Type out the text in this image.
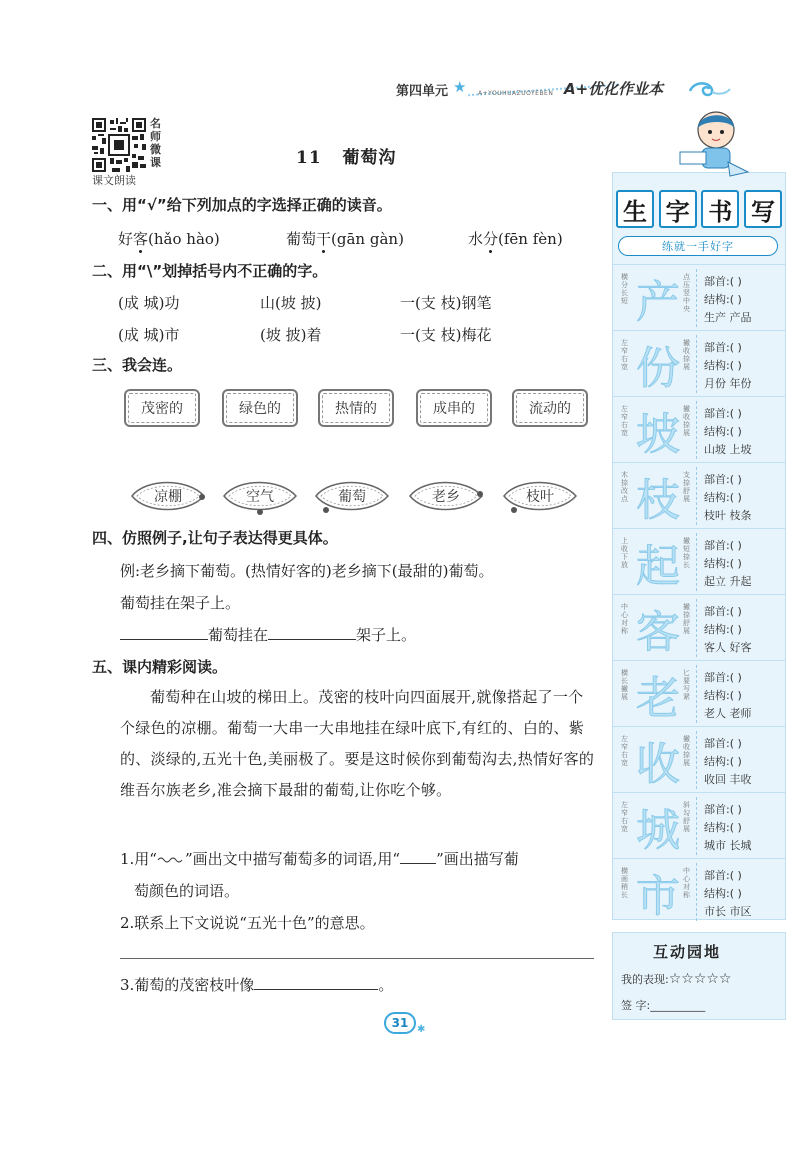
第四单元 ★ A+YOUHUAZUOYEBEN A+优化作业本
名
师
微
课
课文朗读
11 葡萄沟
一、用“√”给下列加点的字选择正确的读音。
好客(hǎo hào)	葡萄干(gān gàn)	水分(fēn fèn)
二、用“\”划掉括号内不正确的字。
(成 城)功	山(坡 披)	一(支 枝)钢笔
(成 城)市	(坡 披)着	一(支 枝)梅花
三、我会连。
茂密的	绿色的	热情的	成串的	流动的
凉棚	空气	葡萄	老乡	枝叶
四、仿照例子,让句子表达得更具体。
例:老乡摘下葡萄。(热情好客的)老乡摘下(最甜的)葡萄。
葡萄挂在架子上。
葡萄挂在	架子上。
五、课内精彩阅读。
葡萄种在山坡的梯田上。茂密的枝叶向四面展开,就像搭起了一个个绿色的凉棚。葡萄一大串一大串地挂在绿叶底下,有红的、白的、紫的、淡绿的,五光十色,美丽极了。要是这时候你到葡萄沟去,热情好客的维吾尔族老乡,准会摘下最甜的葡萄,让你吃个够。
1.用“ ”画出文中描写葡萄多的词语,用“ ”画出描写葡
萄颜色的词语。
2.联系上下文说说“五光十色”的意思。
3.葡萄的茂密枝叶像	。
31 ✱
生 字 书 写
练就一手好字
横 分 长 短 产 点 压 竖 中 央
部首:( )
结构:( )
生产 产品
左 窄 右 宽 份 撇 收 捺 展
部首:( )
结构:( )
月份 年份
左 窄 右 宽 坡 撇 收 捺 展
部首:( )
结构:( )
山坡 上坡
木 捺 改 点 枝 支 捺 舒 展
部首:( )
结构:( )
枝叶 枝条
上 收 下 放 起 撇 短 捺 长
部首:( )
结构:( )
起立 升起
中 心 对 称 客 撇 捺 舒 展
部首:( )
结构:( )
客人 好客
横 长 撇 展 老 匕 要 写 紧
部首:( )
结构:( )
老人 老师
左 窄 右 宽 收 撇 收 捺 展
部首:( )
结构:( )
收回 丰收
左 窄 右 宽 城 斜 勾 舒 展
部首:( )
结构:( )
城市 长城
横 画 稍 长 市 中 心 对 称
部首:( )
结构:( )
市长 市区
互动园地
我的表现:☆☆☆☆☆
签 字:__________
